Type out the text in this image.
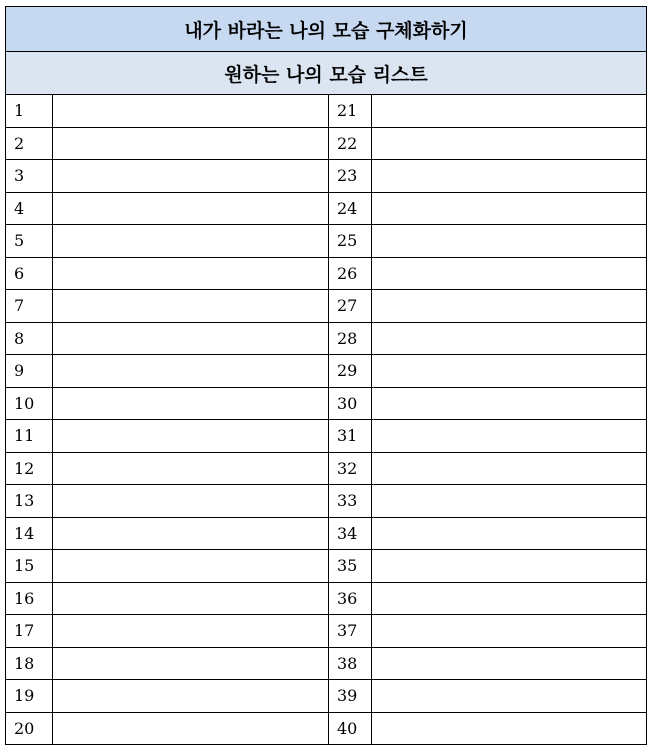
내가 바라는 나의 모습 구체화하기			
원하는 나의 모습 리스트			
1		21	
2		22	
3		23	
4		24	
5		25	
6		26	
7		27	
8		28	
9		29	
10		30	
11		31	
12		32	
13		33	
14		34	
15		35	
16		36	
17		37	
18		38	
19		39	
20		40	
